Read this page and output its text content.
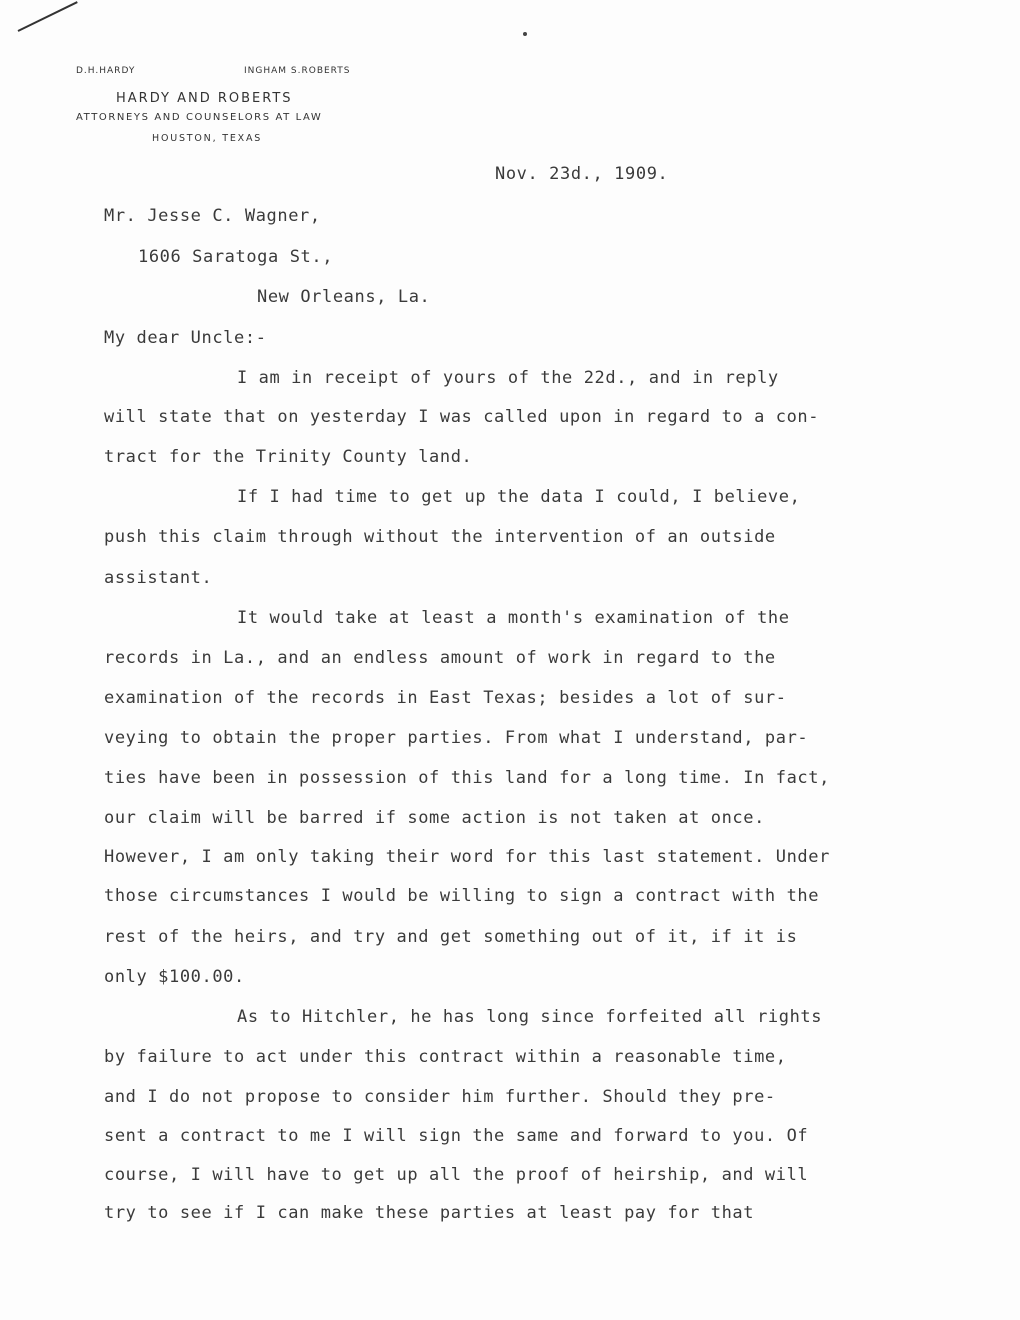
D.H.HARDY	INGHAM S.ROBERTS
HARDY AND ROBERTS
ATTORNEYS AND COUNSELORS AT LAW
HOUSTON, TEXAS
Nov. 23d., 1909.
Mr. Jesse C. Wagner,
1606 Saratoga St.,
New Orleans, La.
My dear Uncle:-
I am in receipt of yours of the 22d., and in reply
will state that on yesterday I was called upon in regard to a con-
tract for the Trinity County land.
If I had time to get up the data I could, I believe,
push this claim through without the intervention of an outside
assistant.
It would take at least a month's examination of the
records in La., and an endless amount of work in regard to the
examination of the records in East Texas; besides a lot of sur-
veying to obtain the proper parties. From what I understand, par-
ties have been in possession of this land for a long time. In fact,
our claim will be barred if some action is not taken at once.
However, I am only taking their word for this last statement. Under
those circumstances I would be willing to sign a contract with the
rest of the heirs, and try and get something out of it, if it is
only $100.00.
As to Hitchler, he has long since forfeited all rights
by failure to act under this contract within a reasonable time,
and I do not propose to consider him further. Should they pre-
sent a contract to me I will sign the same and forward to you. Of
course, I will have to get up all the proof of heirship, and will
try to see if I can make these parties at least pay for that
